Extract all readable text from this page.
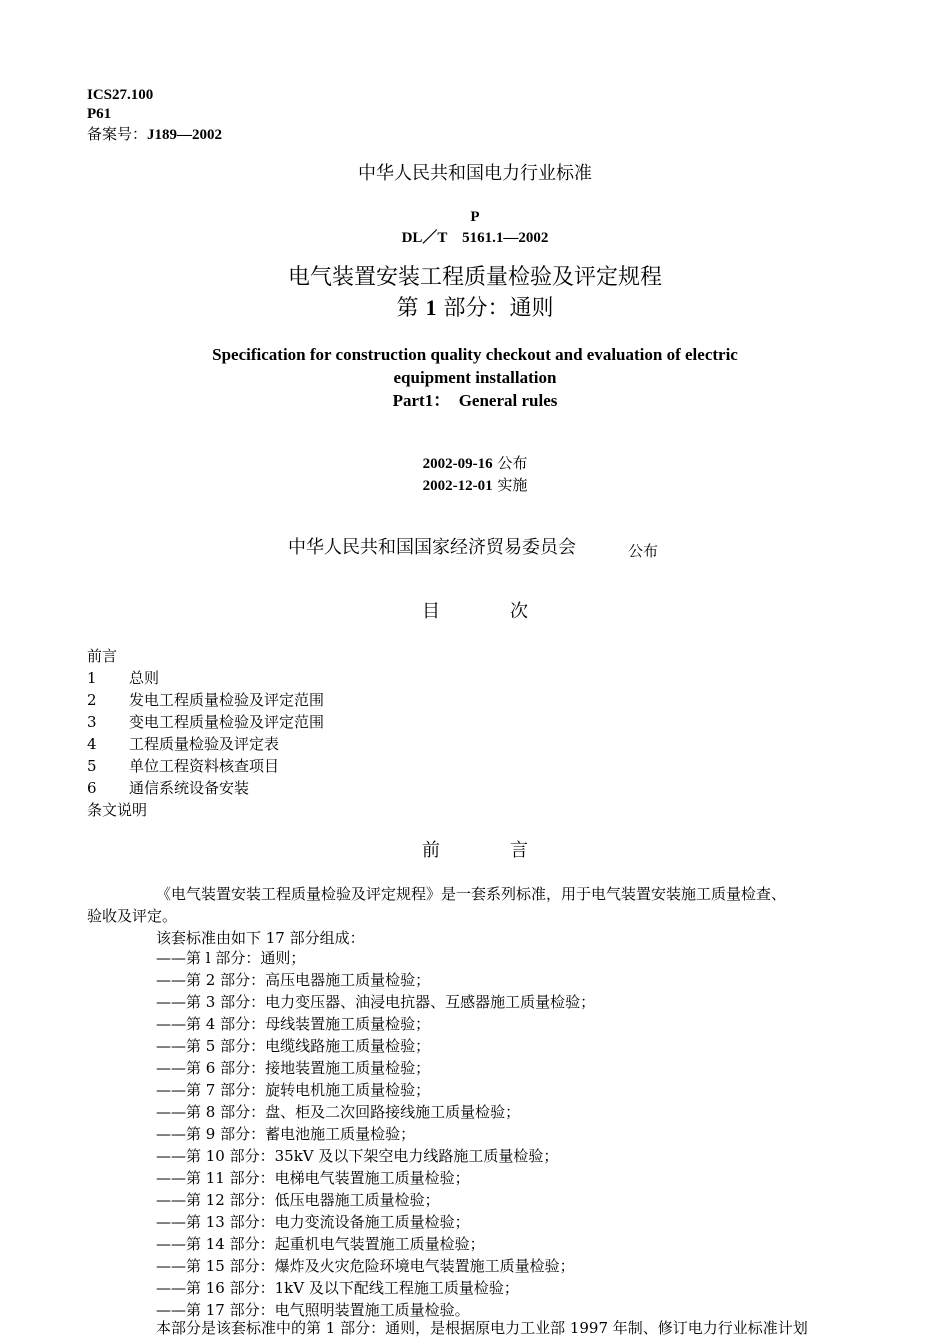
ICS27.100
P61
备案号：J189—2002
中华人民共和国电力行业标准
P
DL／T　5161.1—2002
电气装置安装工程质量检验及评定规程
第 1 部分：通则
Specification for construction quality checkout and evaluation of electric
equipment installation
Part1：　General rules
2002-09-16 公布
2002-12-01 实施
中华人民共和国国家经济贸易委员会	公布
目	次
前言
1 总则
2 发电工程质量检验及评定范围
3 变电工程质量检验及评定范围
4 工程质量检验及评定表
5 单位工程资料核查项目
6 通信系统设备安装
条文说明
前	言
《电气装置安装工程质量检验及评定规程》是一套系列标准，用于电气装置安装施工质量检查、
验收及评定。
该套标准由如下 17 部分组成：
——第 l 部分：通则；
——第 2 部分：高压电器施工质量检验；
——第 3 部分：电力变压器、油浸电抗器、互感器施工质量检验；
——第 4 部分：母线装置施工质量检验；
——第 5 部分：电缆线路施工质量检验；
——第 6 部分：接地装置施工质量检验；
——第 7 部分：旋转电机施工质量检验；
——第 8 部分：盘、柜及二次回路接线施工质量检验；
——第 9 部分：蓄电池施工质量检验；
——第 10 部分：35kV 及以下架空电力线路施工质量检验；
——第 11 部分：电梯电气装置施工质量检验；
——第 12 部分：低压电器施工质量检验；
——第 13 部分：电力变流设备施工质量检验；
——第 14 部分：起重机电气装置施工质量检验；
——第 15 部分：爆炸及火灾危险环境电气装置施工质量检验；
——第 16 部分：1kV 及以下配线工程施工质量检验；
——第 17 部分：电气照明装置施工质量检验。
本部分是该套标准中的第 1 部分：通则，是根据原电力工业部 1997 年制、修订电力行业标准计划
